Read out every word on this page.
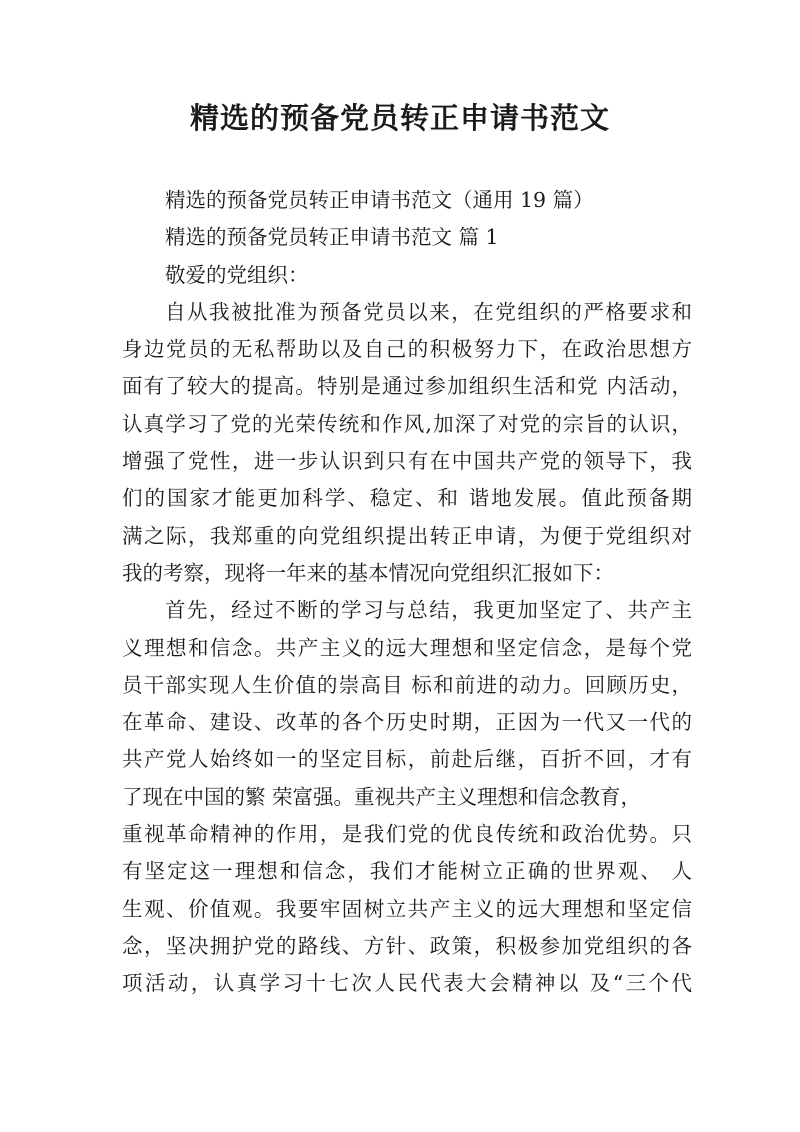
精选的预备党员转正申请书范文
精选的预备党员转正申请书范文（通用 19 篇）
精选的预备党员转正申请书范文 篇 1
敬爱的党组织：
自从我被批准为预备党员以来，在党组织的严格要求和
身边党员的无私帮助以及自己的积极努力下，在政治思想方
面有了较大的提高。特别是通过参加组织生活和党 内活动，
认真学习了党的光荣传统和作风,加深了对党的宗旨的认识，
增强了党性，进一步认识到只有在中国共产党的领导下，我
们的国家才能更加科学、稳定、和 谐地发展。值此预备期
满之际，我郑重的向党组织提出转正申请，为便于党组织对
我的考察，现将一年来的基本情况向党组织汇报如下：
首先，经过不断的学习与总结，我更加坚定了、共产主
义理想和信念。共产主义的远大理想和坚定信念，是每个党
员干部实现人生价值的崇高目 标和前进的动力。回顾历史，
在革命、建设、改革的各个历史时期，正因为一代又一代的
共产党人始终如一的坚定目标，前赴后继，百折不回，才有
了现在中国的繁 荣富强。重视共产主义理想和信念教育，
重视革命精神的作用，是我们党的优良传统和政治优势。只
有坚定这一理想和信念，我们才能树立正确的世界观、 人
生观、价值观。我要牢固树立共产主义的远大理想和坚定信
念，坚决拥护党的路线、方针、政策，积极参加党组织的各
项活动，认真学习十七次人民代表大会精神以 及“三个代
